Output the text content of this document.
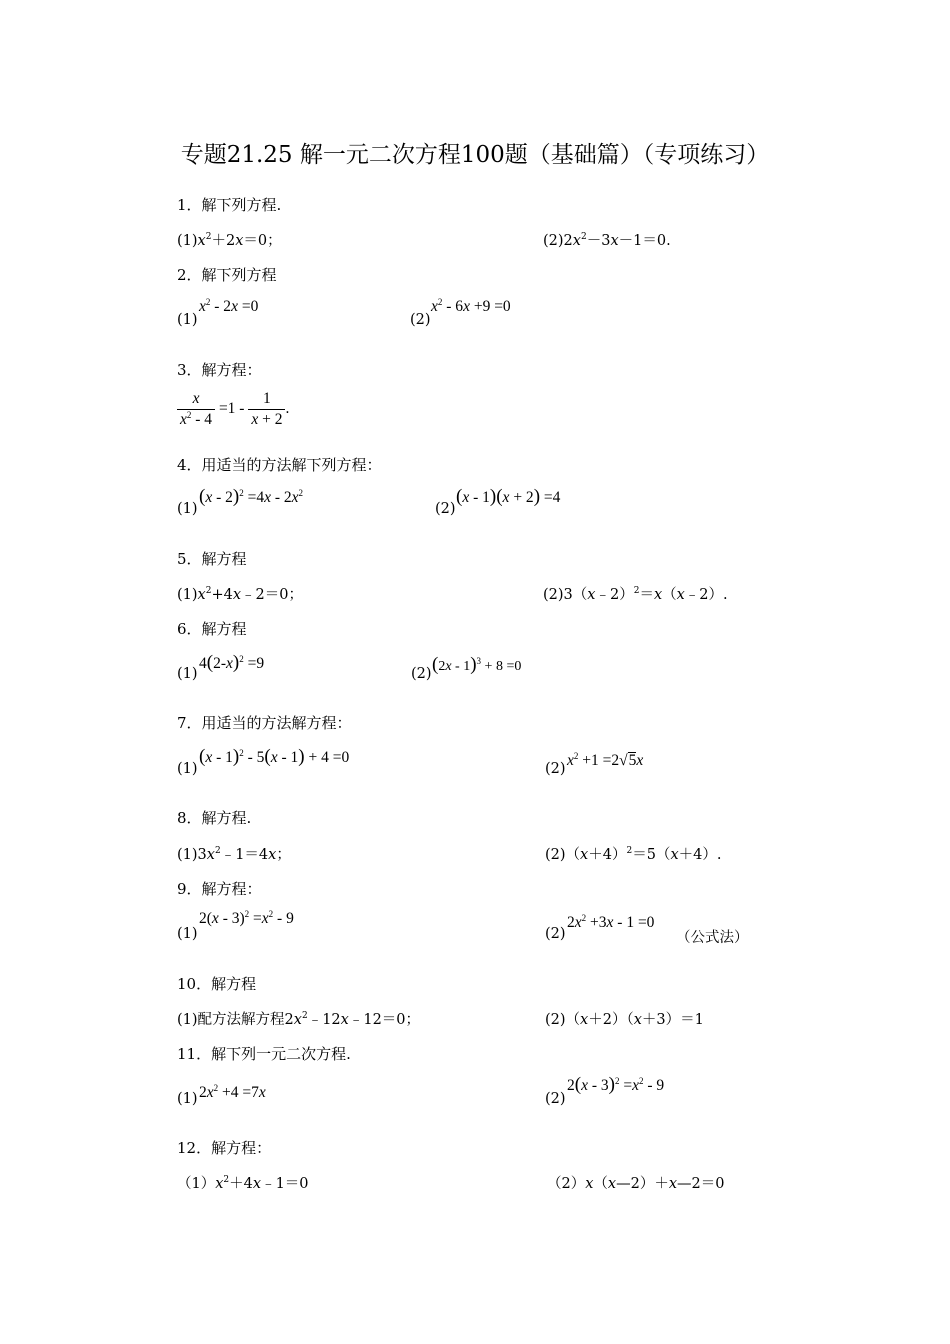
专题21.25 解一元二次方程100题（基础篇）（专项练习）
1．解下列方程.
$(1)x^2+2x=0$；	$(2)2x^2-3x-1=0$.
2．解下列方程
(1)
$x^2 - 2x =0$
(2)
$x^2 - 6x +9 =0$
3．解方程：
$\frac{x}{x^2 - 4} =1 - \frac{1}{x + 2}$ .
4．用适当的方法解下列方程：
(1)
$(x - 2)^2 =4x - 2x^2$
(2)
(x - 1)(x + 2) =4
5．解方程
$(1)x^2+4x﹣2=0$；	(2)3（x﹣2）$^2$＝x（x﹣2）.
6．解方程
(1)
$4(2-x)^2 =9$
(2) (2x - 1)$^3$ + 8 =0
7．用适当的方法解方程：
(1)
(x - 1)$^2$ - 5(x - 1) + 4 =0
(2) $x^2 +1 =2√5x$
8．解方程.
$(1)3x^2﹣1=4x$；	$(2)(x+4)^2=5(x+4)$.
9．解方程：
(1)
$2(x - 3)^2 =x^2 - 9$
(2)
$2x^2 +3x - 1 =0$
（公式法）
10．解方程
(1)配方法解方程$2x^2﹣12x﹣12=0$；	(2)（x＋2）（x＋3）＝1
11．解下列一元二次方程.
(1) $2x^2 +4 =7x$	(2)
$2(x - 3)^2 =x^2 - 9$
12．解方程：
$(1)x^2+4x﹣1=0$	（2）x（x—2）＋x—2＝0
